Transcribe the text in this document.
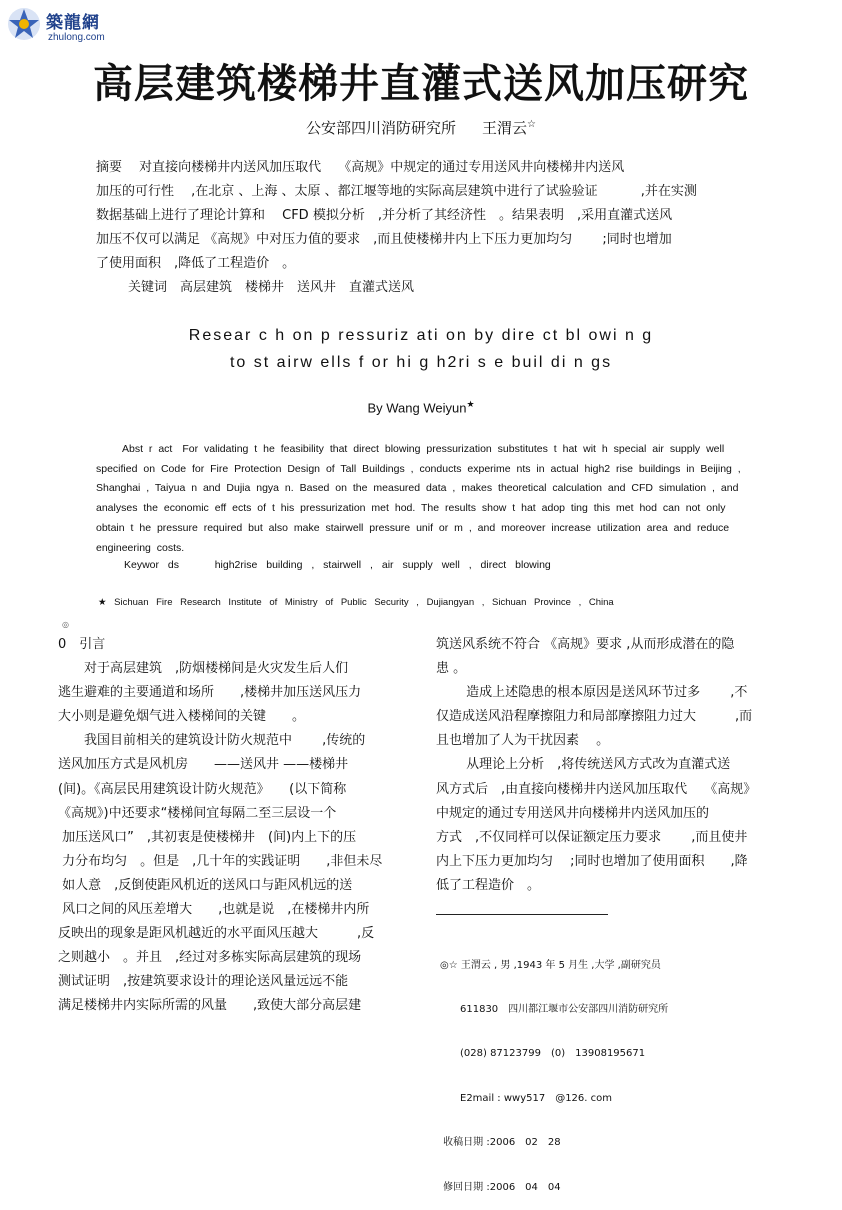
築龍網
zhulong.com
高层建筑楼梯井直灌式送风加压研究
公安部四川消防研究所 王渭云☆
摘要　 对直接向楼梯井内送风加压取代　 《高规》中规定的通过专用送风井向楼梯井内送风
加压的可行性　 ,在北京 、上海 、太原 、都江堰等地的实际高层建筑中进行了试验验证　　　 ,并在实测
数据基础上进行了理论计算和　 CFD 模拟分析　,并分析了其经济性　。结果表明　,采用直灌式送风
加压不仅可以满足 《高规》中对压力值的要求　,而且使楼梯井内上下压力更加均匀　　 ;同时也增加
了使用面积　,降低了工程造价　。
关键词　 高层建筑　楼梯井　送风井　直灌式送风
Resear c h on p ressuriz ati on by dire ct bl owi n g
to st airw ells f or hi g h2ri s e buil di n gs
By Wang Weiyun★
Abst r act For validating t he feasibility that direct blowing pressurization substitutes t hat wit h special air supply well specified on Code for Fire Protection Design of Tall Buildings , conducts experime nts in actual high2 rise buildings in Beijing , Shanghai , Taiyua n and Dujia ngya n. Based on the measured data , makes theoretical calculation and CFD simulation , and analyses the economic eff ects of t his pressurization met hod. The results show t hat adop ting this met hod can not only obtain t he pressure required but also make stairwell pressure unif or m , and moreover increase utilization area and reduce engineering costs.
Keywor ds	high2rise building , stairwell , air supply well , direct blowing
★ Sichuan Fire Research Institute of Ministry of Public Security , Dujiangyan , Sichuan Province , China
◎

0　引言

　　对于高层建筑　,防烟楼梯间是火灾发生后人们

逃生避难的主要通道和场所　　,楼梯井加压送风压力

大小则是避免烟气进入楼梯间的关键　　。

　　我国目前相关的建筑设计防火规范中　　 ,传统的

送风加压方式是风机房　　——送风井 ——楼梯井

(间)。《高层民用建筑设计防火规范》　　(以下简称

《高规》)中还要求“楼梯间宜每隔二至三层设一个

加压送风口”　,其初衷是使楼梯井　(间)内上下的压

力分布均匀　。但是　,几十年的实践证明　　,非但未尽

如人意　,反倒使距风机近的送风口与距风机远的送

风口之间的风压差增大　　,也就是说　,在楼梯井内所

反映出的现象是距风机越近的水平面风压越大　　　,反

之则越小　。并且　,经过对多栋实际高层建筑的现场

测试证明　,按建筑要求设计的理论送风量远远不能

满足楼梯井内实际所需的风量　　,致使大部分高层建

筑送风系统不符合 《高规》要求 ,从而形成潜在的隐

患 。

　　 造成上述隐患的根本原因是送风环节过多　　 ,不

仅造成送风沿程摩擦阻力和局部摩擦阻力过大　　　,而

且也增加了人为干扰因素　 。

　　 从理论上分析　,将传统送风方式改为直灌式送

风方式后　,由直接向楼梯井内送风加压取代　 《高规》

中规定的通过专用送风井向楼梯井内送风加压的

方式　,不仅同样可以保证额定压力要求　　 ,而且使井

内上下压力更加均匀　 ;同时也增加了使用面积　　,降

低了工程造价　。

◎☆ 王渭云 , 男 ,1943 年 5 月生 ,大学 ,副研究员

　　611830　四川都江堰市公安部四川消防研究所

　　(028) 87123799　(0)　13908195671

　　E2mail : wwy517　@126. com

收稿日期 :2006　02　28

修回日期 :2006　04　04
